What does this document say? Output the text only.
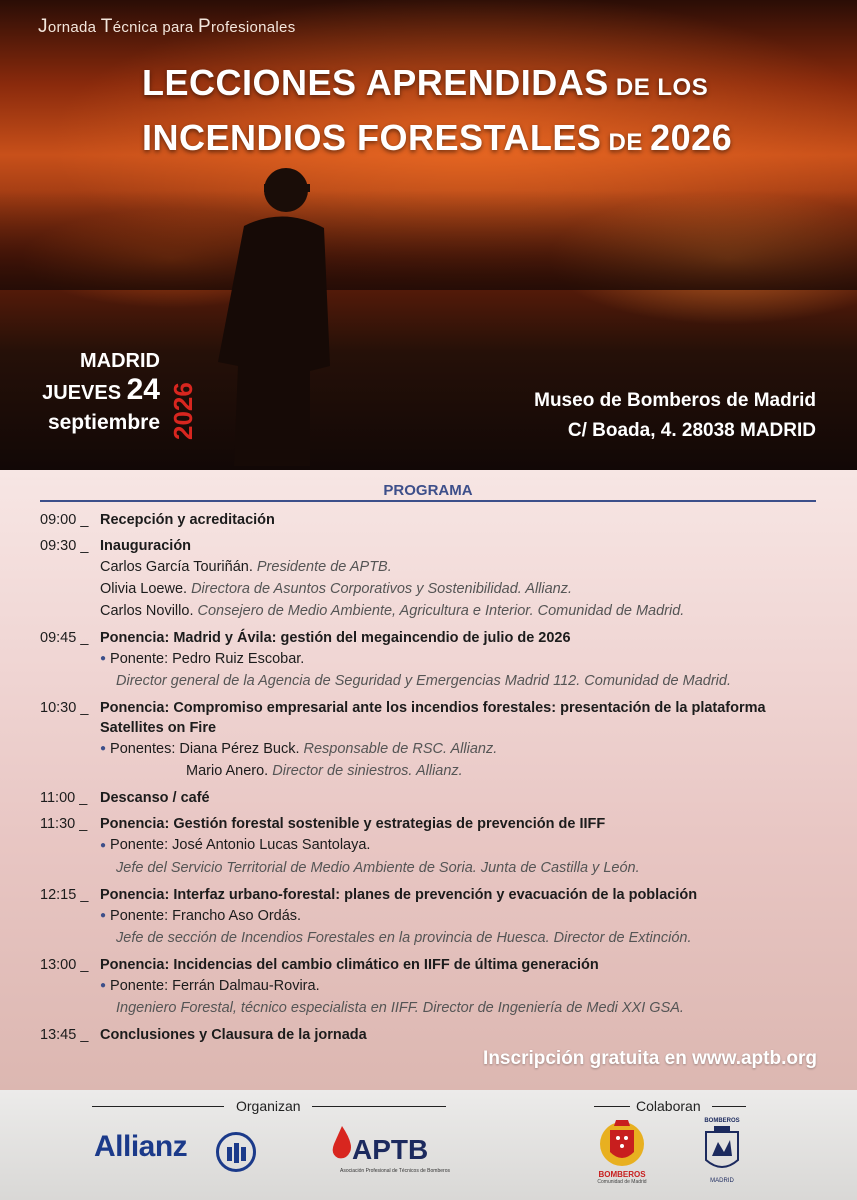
Jornada Técnica para Profesionales
LECCIONES APRENDIDAS DE LOS
INCENDIOS FORESTALES DE 2026
MADRID
JUEVES 24
septiembre 2026	Museo de Bomberos de Madrid
C/ Boada, 4. 28038 MADRID
PROGRAMA
09:00 _ Recepción y acreditación
09:30 _ Inauguración
Carlos García Touriñán. Presidente de APTB.
Olivia Loewe. Directora de Asuntos Corporativos y Sostenibilidad. Allianz.
Carlos Novillo. Consejero de Medio Ambiente, Agricultura e Interior. Comunidad de Madrid.
09:45 _ Ponencia: Madrid y Ávila: gestión del megaincendio de julio de 2026
● Ponente: Pedro Ruiz Escobar.
Director general de la Agencia de Seguridad y Emergencias Madrid 112. Comunidad de Madrid.
10:30 _ Ponencia: Compromiso empresarial ante los incendios forestales: presentación de la plataforma Satellites on Fire
● Ponentes: Diana Pérez Buck. Responsable de RSC. Allianz.
Mario Anero. Director de siniestros. Allianz.
11:00 _ Descanso / café
11:30 _ Ponencia: Gestión forestal sostenible y estrategias de prevención de IIFF
● Ponente: José Antonio Lucas Santolaya.
Jefe del Servicio Territorial de Medio Ambiente de Soria. Junta de Castilla y León.
12:15 _ Ponencia: Interfaz urbano-forestal: planes de prevención y evacuación de la población
● Ponente: Francho Aso Ordás.
Jefe de sección de Incendios Forestales en la provincia de Huesca. Director de Extinción.
13:00 _ Ponencia: Incidencias del cambio climático en IIFF de última generación
● Ponente: Ferrán Dalmau-Rovira.
Ingeniero Forestal, técnico especialista en IIFF. Director de Ingeniería de Medi XXI GSA.
13:45 _ Conclusiones y Clausura de la jornada
Inscripción gratuita en www.aptb.org
Organizan	Colaboran
Allianz	APTB
Asociación Profesional de Técnicos de Bomberos	BOMBEROS
Comunidad de Madrid
BOMBEROS
MADRID
